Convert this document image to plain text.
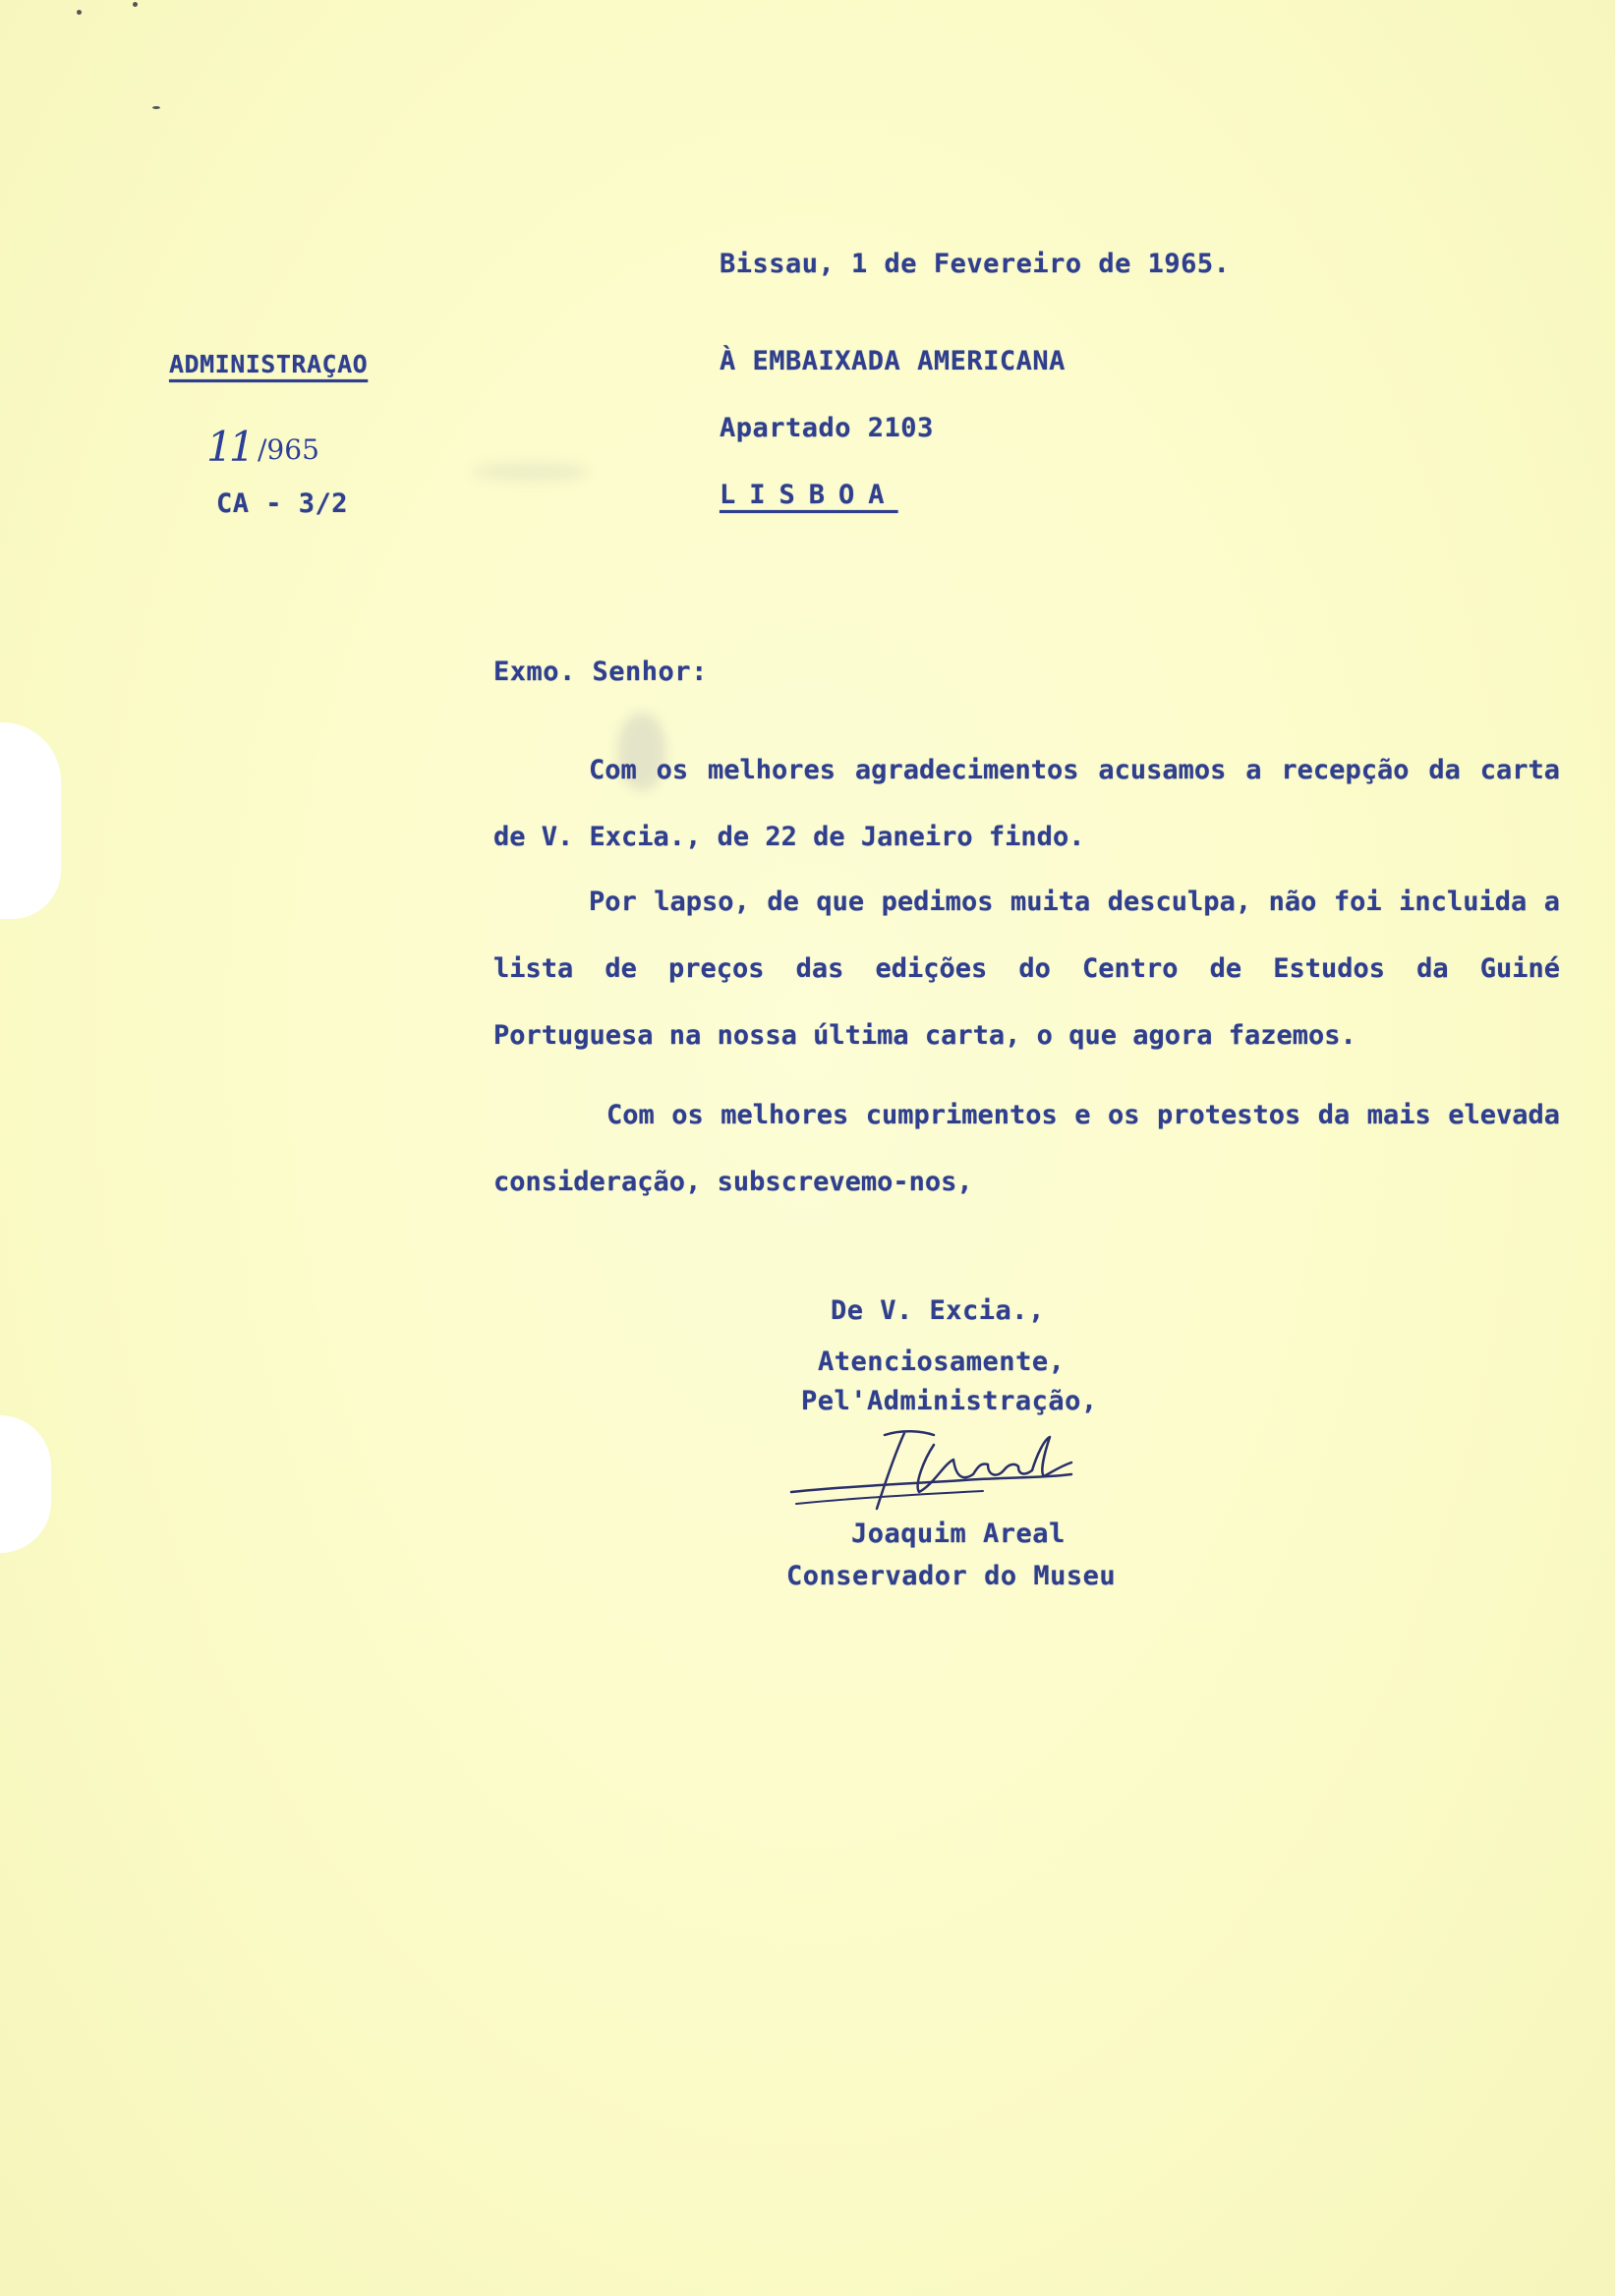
ADMINISTRAÇAO
11 /965
CA - 3/2
Bissau, 1 de Fevereiro de 1965.
À EMBAIXADA AMERICANA
Apartado 2103
LISBOA
Exmo. Senhor:
Com os melhores agradecimentos acusamos a recepção da carta de V. Excia., de 22 de Janeiro findo.
Por lapso, de que pedimos muita desculpa, não foi incluida a lista de preços das edições do Centro de Estudos da Guiné Portuguesa na nossa última carta, o que agora fazemos.
Com os melhores cumprimentos e os protestos da mais elevada consideração, subscrevemo-nos,
De V. Excia.,
Atenciosamente,
Pel'Administração,
Joaquim Areal
Conservador do Museu
